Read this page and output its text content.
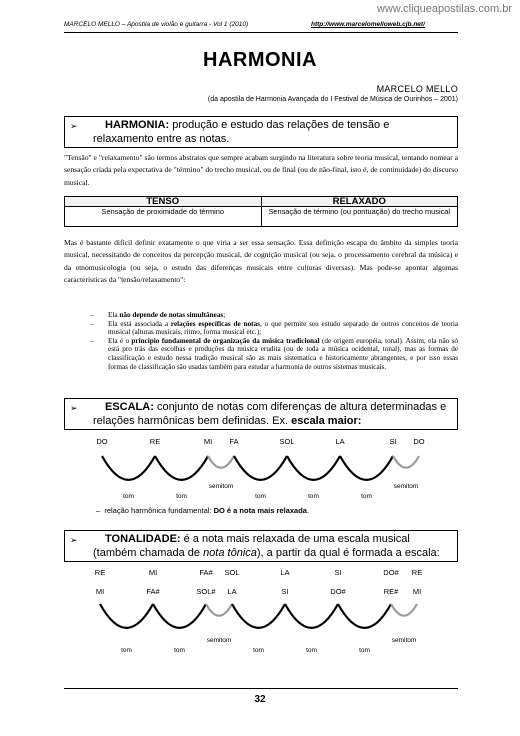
www.cliqueapostilas.com.br
MARCELO MELLO – Apostila de violão e guitarra - Vol 1 (2010)	http://www.marcelomelloweb.cjb.net/
HARMONIA
MARCELO MELLO
(da apostila de Harmonia Avançada do I Festival de Música de Ourinhos – 2001)
➢	HARMONIA: produção e estudo das relações de tensão e relaxamento entre as notas.
"Tensão" e "relaxamento" são termos abstratos que sempre acabam surgindo na literatura sobre teoria musical, tentando nomear a sensação criada pela expectativa de "término" do trecho musical, ou de final (ou de não-final, isto é, de continuidade) do discurso musical.
TENSO	RELAXADO
Sensação de proximidade do término	Sensação de término (ou pontuação) do trecho musical
Mas é bastante difícil definir exatamente o que viria a ser essa sensação. Essa definição escapa do âmbito da simples teoria musical, necessitando de conceitos da percepção musical, de cognição musical (ou seja, o processamento cerebral da música) e da etnomusicologia (ou seja, o estudo das diferenças musicais entre culturas diversas). Mas pode-se apontar algumas características da "tensão/relaxamento":
– Ela não depende de notas simultâneas;
– Ela está associada a relações específicas de notas, o que permite seu estudo separado de outros conceitos de teoria musical (alturas musicais, ritmo, forma musical etc.);
– Ela é o princípio fundamental de organização da música tradicional (de origem européia, tonal). Assim, ela não só está pro trás das escolhas e produções da música erudita (ou de toda a música ocidental, tonal), mas as formas de classificação e estudo nessa tradição musical são as mais sistematica e historicamente abrangentes, e por isso essas formas de classificação são usadas também para estudar a harmonia de outros sistemas musicais.
➢	ESCALA: conjunto de notas com diferenças de altura determinadas e relações harmônicas bem definidas. Ex. escala maior:
DO	RE	MI FA	SOL	LA	SI DO
tom	tom
semitom
tom	tom	tom
semitom
– relação harmônica fundamental: DO é a nota mais relaxada.
➢	TONALIDADE: é a nota mais relaxada de uma escala musical (também chamada de nota tônica), a partir da qual é formada a escala:
RE	MI	FA# SOL	LA	SI	DO# RE
MI	FA#	SOL# LA	SI	DO#	RE# MI
tom	tom
semitom
tom	tom	tom
semitom
32
